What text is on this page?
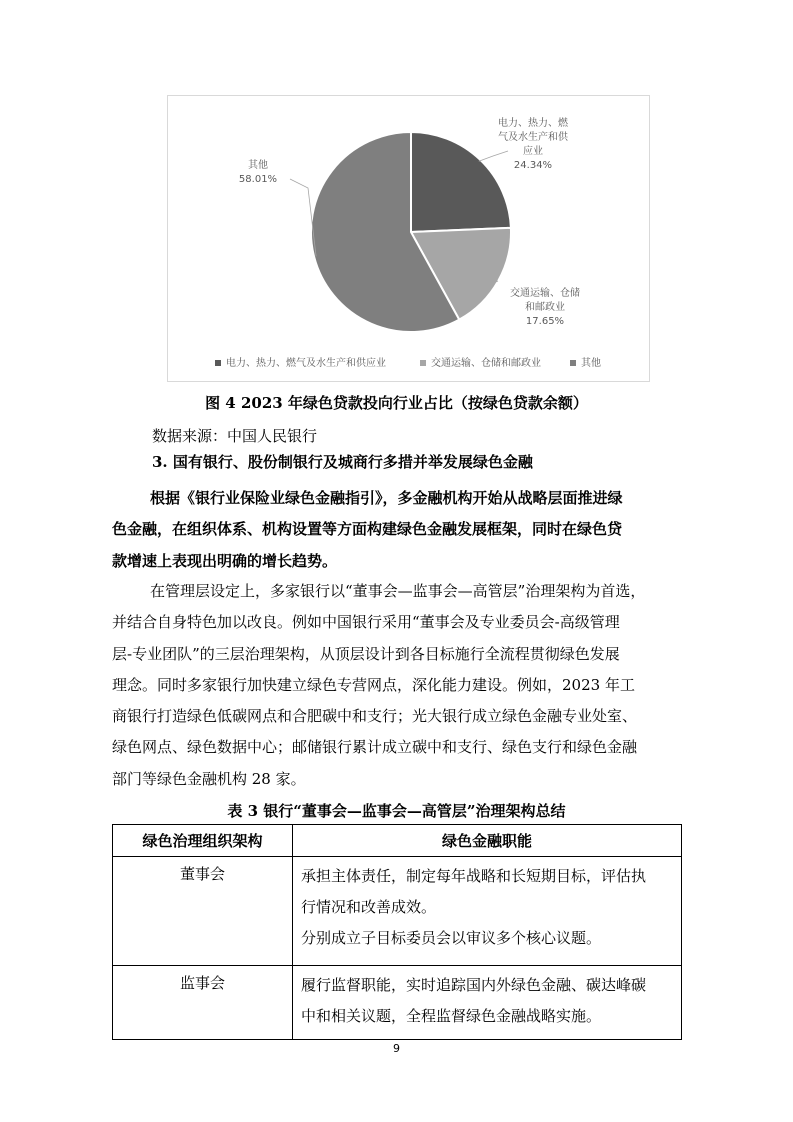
电力、热力、燃
气及水生产和供
应业
24.34%
交通运输、仓储
和邮政业
17.65%
其他
58.01%
电力、热力、燃气及水生产和供应业	交通运输、仓储和邮政业	其他
图 4 2023 年绿色贷款投向行业占比（按绿色贷款余额）
数据来源：中国人民银行
3. 国有银行、股份制银行及城商行多措并举发展绿色金融
根据《银行业保险业绿色金融指引》，多金融机构开始从战略层面推进绿
色金融，在组织体系、机构设置等方面构建绿色金融发展框架，同时在绿色贷
款增速上表现出明确的增长趋势。
在管理层设定上，多家银行以“董事会—监事会—高管层”治理架构为首选，
并结合自身特色加以改良。例如中国银行采用“董事会及专业委员会-高级管理
层-专业团队”的三层治理架构，从顶层设计到各目标施行全流程贯彻绿色发展
理念。同时多家银行加快建立绿色专营网点，深化能力建设。例如，2023 年工
商银行打造绿色低碳网点和合肥碳中和支行；光大银行成立绿色金融专业处室、
绿色网点、绿色数据中心；邮储银行累计成立碳中和支行、绿色支行和绿色金融
部门等绿色金融机构 28 家。
表 3 银行“董事会—监事会—高管层”治理架构总结
绿色治理组织架构	绿色金融职能
董事会	承担主体责任，制定每年战略和长短期目标，评估执
行情况和改善成效。
分别成立子目标委员会以审议多个核心议题。

监事会	履行监督职能，实时追踪国内外绿色金融、碳达峰碳
中和相关议题，全程监督绿色金融战略实施。
9
